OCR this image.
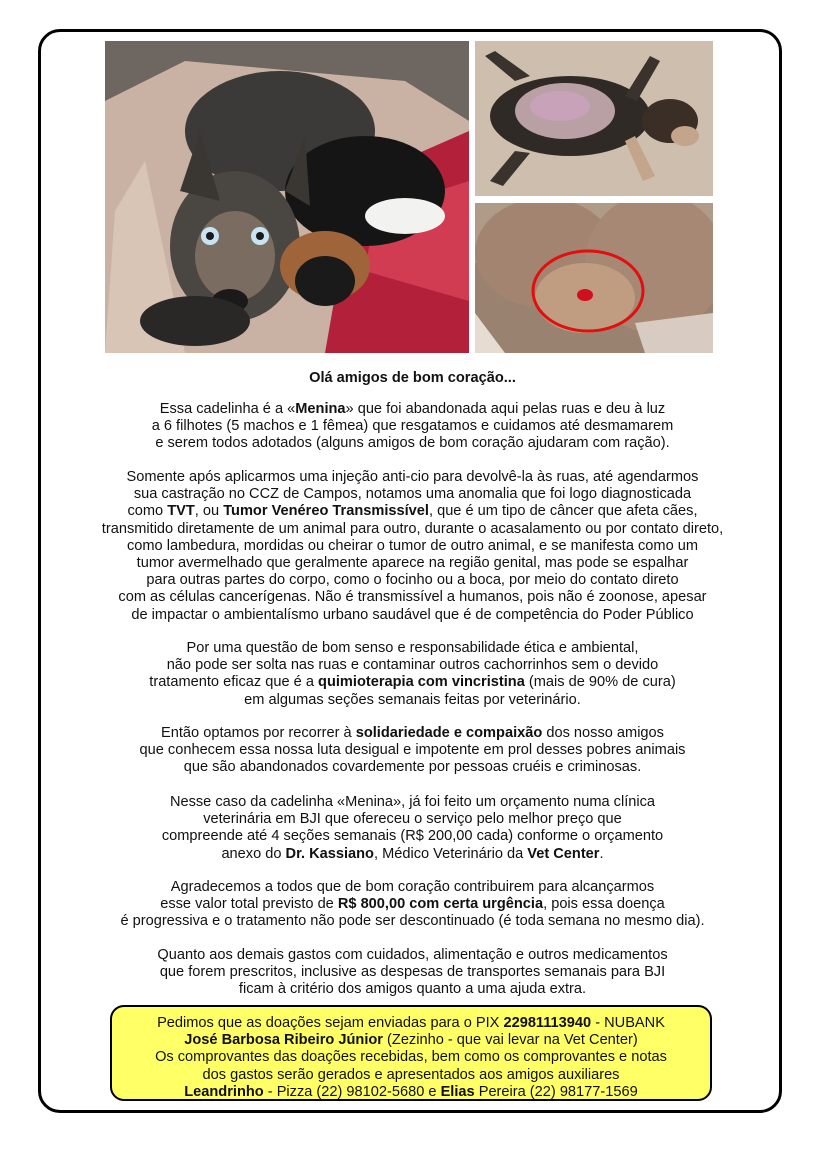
Olá amigos de bom coração...
Essa cadelinha é a «Menina» que foi abandonada aqui pelas ruas e deu à luz
a 6 filhotes (5 machos e 1 fêmea) que resgatamos e cuidamos até desmamarem
e serem todos adotados (alguns amigos de bom coração ajudaram com ração).
Somente após aplicarmos uma injeção anti-cio para devolvê-la às ruas, até agendarmos
sua castração no CCZ de Campos, notamos uma anomalia que foi logo diagnosticada
como TVT, ou Tumor Venéreo Transmissível, que é um tipo de câncer que afeta cães,
transmitido diretamente de um animal para outro, durante o acasalamento ou por contato direto,
como lambedura, mordidas ou cheirar o tumor de outro animal, e se manifesta como um
tumor avermelhado que geralmente aparece na região genital, mas pode se espalhar
para outras partes do corpo, como o focinho ou a boca, por meio do contato direto
com as células cancerígenas. Não é transmissível a humanos, pois não é zoonose, apesar
de impactar o ambientalísmo urbano saudável que é de competência do Poder Público
Por uma questão de bom senso e responsabilidade ética e ambiental,
não pode ser solta nas ruas e contaminar outros cachorrinhos sem o devido
tratamento eficaz que é a quimioterapia com vincristina (mais de 90% de cura)
em algumas seções semanais feitas por veterinário.
Então optamos por recorrer à solidariedade e compaixão dos nosso amigos
que conhecem essa nossa luta desigual e impotente em prol desses pobres animais
que são abandonados covardemente por pessoas cruéis e criminosas.
Nesse caso da cadelinha «Menina», já foi feito um orçamento numa clínica
veterinária em BJI que ofereceu o serviço pelo melhor preço que
compreende até 4 seções semanais (R$ 200,00 cada) conforme o orçamento
anexo do Dr. Kassiano, Médico Veterinário da Vet Center.
Agradecemos a todos que de bom coração contribuirem para alcançarmos
esse valor total previsto de R$ 800,00 com certa urgência, pois essa doença
é progressiva e o tratamento não pode ser descontinuado (é toda semana no mesmo dia).
Quanto aos demais gastos com cuidados, alimentação e outros medicamentos
que forem prescritos, inclusive as despesas de transportes semanais para BJI
ficam à critério dos amigos quanto a uma ajuda extra.
Pedimos que as doações sejam enviadas para o PIX 22981113940 - NUBANK
José Barbosa Ribeiro Júnior (Zezinho - que vai levar na Vet Center)
Os comprovantes das doações recebidas, bem como os comprovantes e notas
dos gastos serão gerados e apresentados aos amigos auxiliares
Leandrinho - Pizza (22) 98102-5680 e Elias Pereira (22) 98177-1569
